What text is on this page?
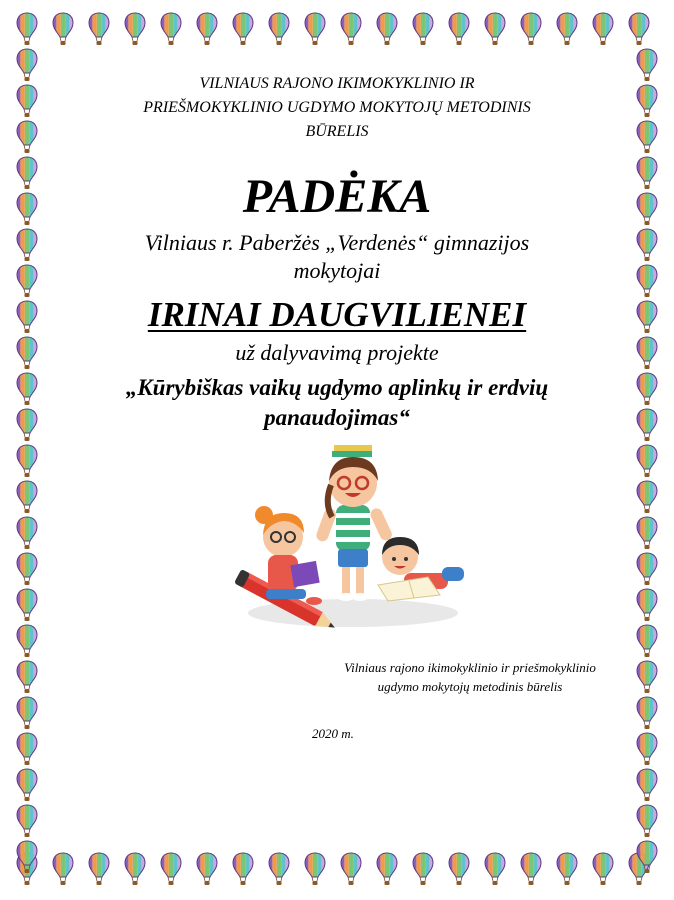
VILNIAUS RAJONO IKIMOKYKLINIO IR
PRIEŠMOKYKLINIO UGDYMO MOKYTOJŲ METODINIS
BŪRELIS
PADĖKA
Vilniaus r. Paberžės „Verdenės“ gimnazijos
mokytojai
IRINAI DAUGVILIENEI
už dalyvavimą projekte
„Kūrybiškas vaikų ugdymo aplinkų ir erdvių
panaudojimas“
Vilniaus rajono ikimokyklinio ir priešmokyklinio
ugdymo mokytojų metodinis būrelis
2020 m.
